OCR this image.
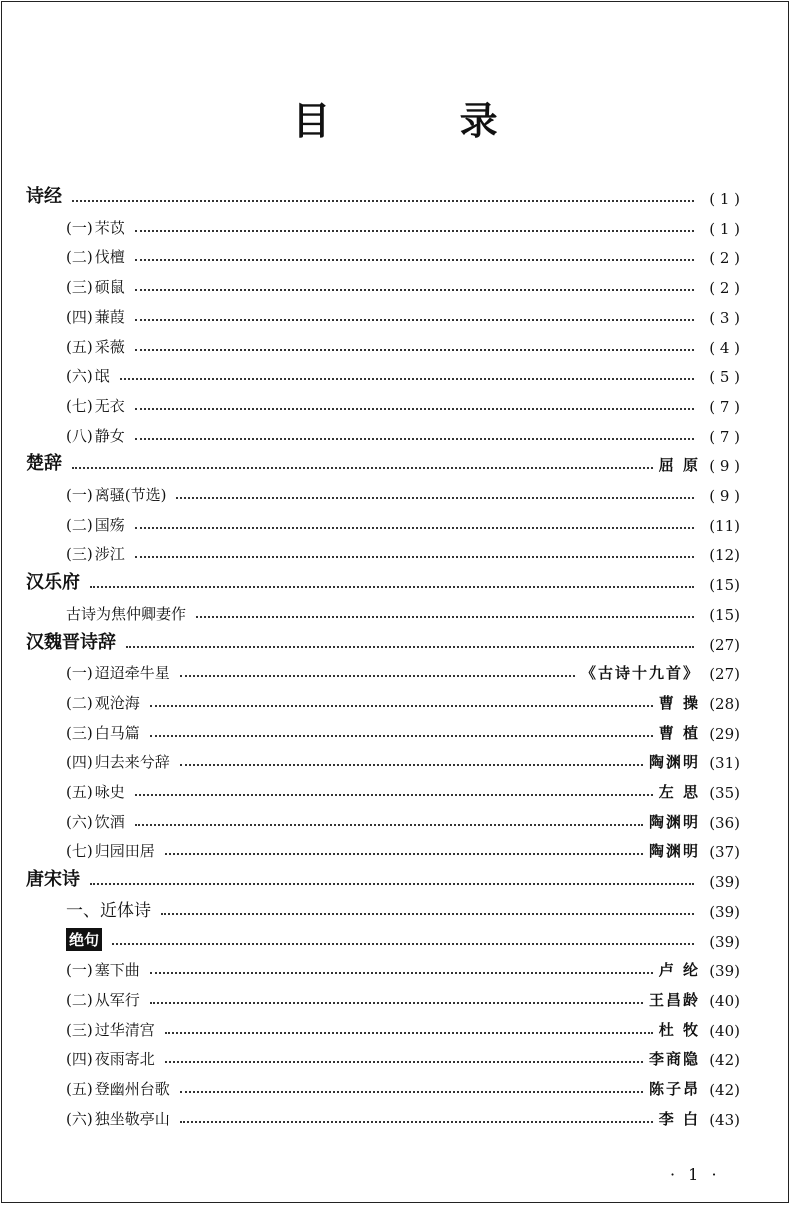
目 录
诗经	( 1 )
(一) 芣苡	( 1 )
(二) 伐檀	( 2 )
(三) 硕鼠	( 2 )
(四) 蒹葭	( 3 )
(五) 采薇	( 4 )
(六) 氓	( 5 )
(七) 无衣	( 7 )
(八) 静女	( 7 )
楚辞	屈 原 ( 9 )
(一) 离骚(节选)	( 9 )
(二) 国殇	(11)
(三) 涉江	(12)
汉乐府	(15)
古诗为焦仲卿妻作	(15)
汉魏晋诗辞	(27)
(一) 迢迢牵牛星	《古诗十九首》 (27)
(二) 观沧海	曹 操 (28)
(三) 白马篇	曹 植 (29)
(四) 归去来兮辞	陶渊明 (31)
(五) 咏史	左 思 (35)
(六) 饮酒	陶渊明 (36)
(七) 归园田居	陶渊明 (37)
唐宋诗	(39)
一、近体诗	(39)
绝句	(39)
(一) 塞下曲	卢 纶 (39)
(二) 从军行	王昌龄 (40)
(三) 过华清宫	杜 牧 (40)
(四) 夜雨寄北	李商隐 (42)
(五) 登幽州台歌	陈子昂 (42)
(六) 独坐敬亭山	李 白 (43)
· 1 ·
